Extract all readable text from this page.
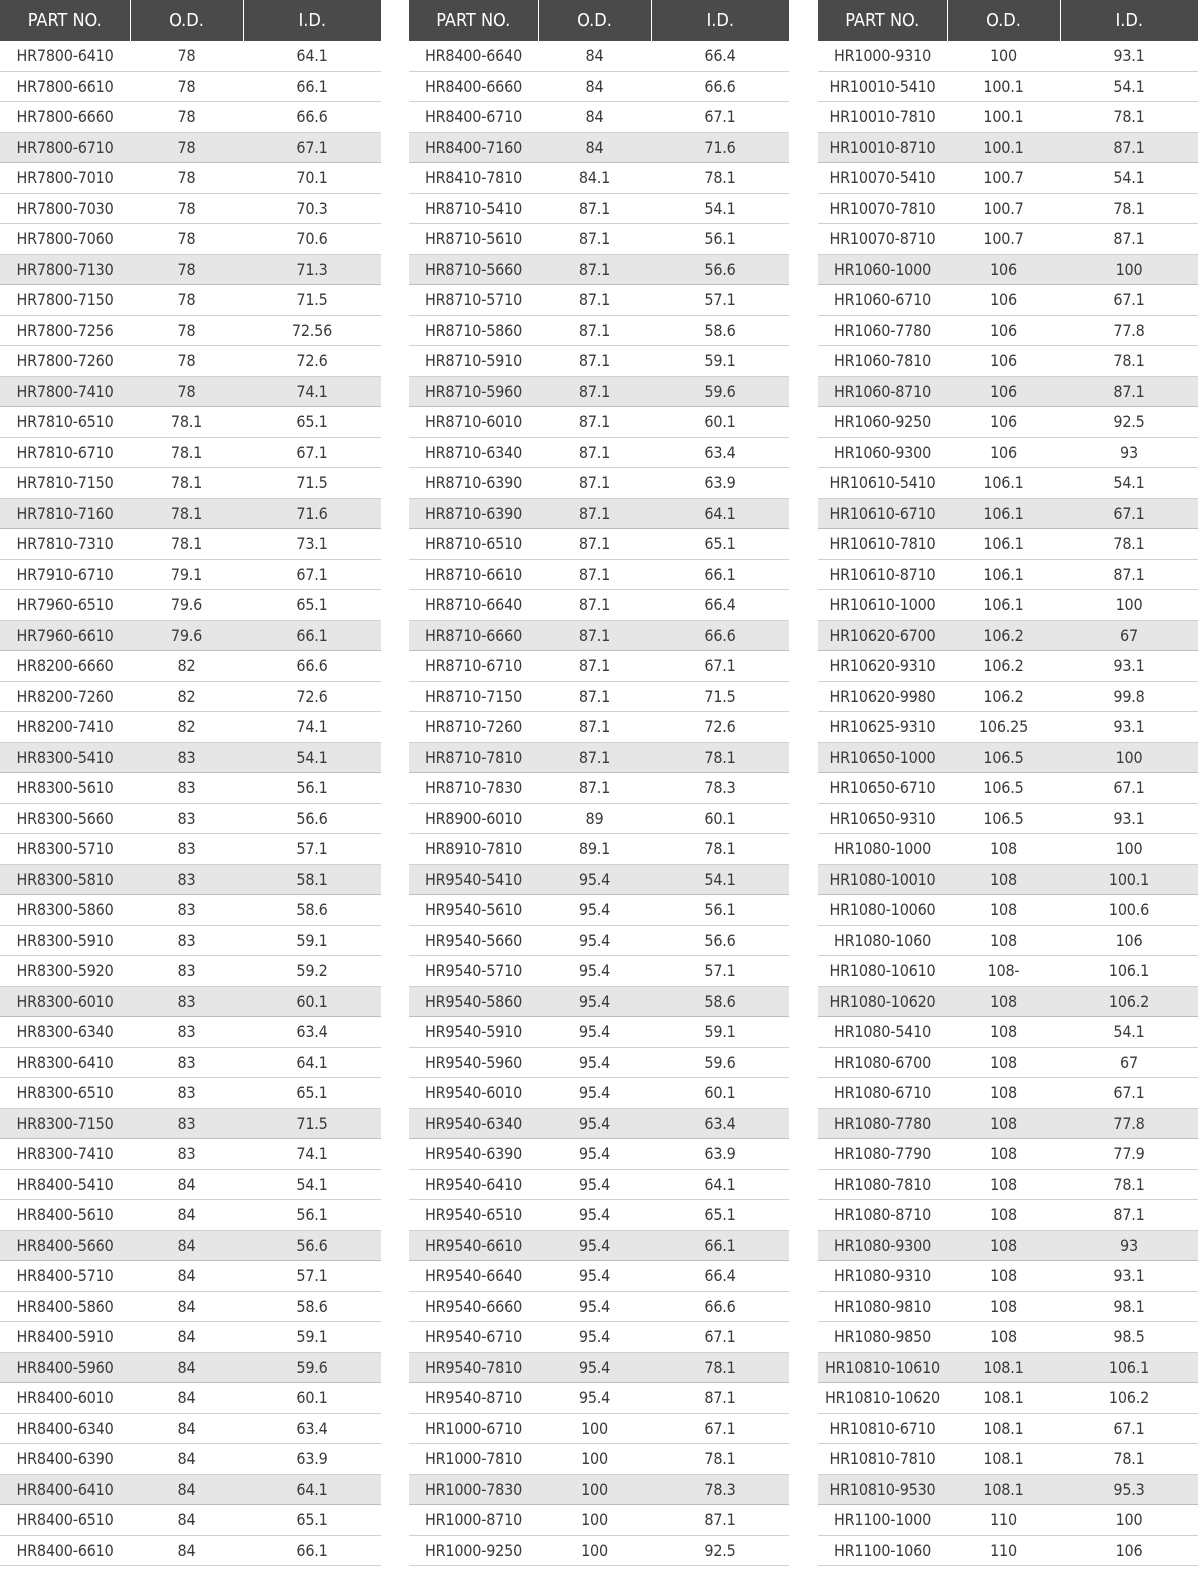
PART NO.	O.D.	I.D.
HR7800-6410	78	64.1
HR7800-6610	78	66.1
HR7800-6660	78	66.6
HR7800-6710	78	67.1
HR7800-7010	78	70.1
HR7800-7030	78	70.3
HR7800-7060	78	70.6
HR7800-7130	78	71.3
HR7800-7150	78	71.5
HR7800-7256	78	72.56
HR7800-7260	78	72.6
HR7800-7410	78	74.1
HR7810-6510	78.1	65.1
HR7810-6710	78.1	67.1
HR7810-7150	78.1	71.5
HR7810-7160	78.1	71.6
HR7810-7310	78.1	73.1
HR7910-6710	79.1	67.1
HR7960-6510	79.6	65.1
HR7960-6610	79.6	66.1
HR8200-6660	82	66.6
HR8200-7260	82	72.6
HR8200-7410	82	74.1
HR8300-5410	83	54.1
HR8300-5610	83	56.1
HR8300-5660	83	56.6
HR8300-5710	83	57.1
HR8300-5810	83	58.1
HR8300-5860	83	58.6
HR8300-5910	83	59.1
HR8300-5920	83	59.2
HR8300-6010	83	60.1
HR8300-6340	83	63.4
HR8300-6410	83	64.1
HR8300-6510	83	65.1
HR8300-7150	83	71.5
HR8300-7410	83	74.1
HR8400-5410	84	54.1
HR8400-5610	84	56.1
HR8400-5660	84	56.6
HR8400-5710	84	57.1
HR8400-5860	84	58.6
HR8400-5910	84	59.1
HR8400-5960	84	59.6
HR8400-6010	84	60.1
HR8400-6340	84	63.4
HR8400-6390	84	63.9
HR8400-6410	84	64.1
HR8400-6510	84	65.1
HR8400-6610	84	66.1
PART NO.	O.D.	I.D.
HR8400-6640	84	66.4
HR8400-6660	84	66.6
HR8400-6710	84	67.1
HR8400-7160	84	71.6
HR8410-7810	84.1	78.1
HR8710-5410	87.1	54.1
HR8710-5610	87.1	56.1
HR8710-5660	87.1	56.6
HR8710-5710	87.1	57.1
HR8710-5860	87.1	58.6
HR8710-5910	87.1	59.1
HR8710-5960	87.1	59.6
HR8710-6010	87.1	60.1
HR8710-6340	87.1	63.4
HR8710-6390	87.1	63.9
HR8710-6390	87.1	64.1
HR8710-6510	87.1	65.1
HR8710-6610	87.1	66.1
HR8710-6640	87.1	66.4
HR8710-6660	87.1	66.6
HR8710-6710	87.1	67.1
HR8710-7150	87.1	71.5
HR8710-7260	87.1	72.6
HR8710-7810	87.1	78.1
HR8710-7830	87.1	78.3
HR8900-6010	89	60.1
HR8910-7810	89.1	78.1
HR9540-5410	95.4	54.1
HR9540-5610	95.4	56.1
HR9540-5660	95.4	56.6
HR9540-5710	95.4	57.1
HR9540-5860	95.4	58.6
HR9540-5910	95.4	59.1
HR9540-5960	95.4	59.6
HR9540-6010	95.4	60.1
HR9540-6340	95.4	63.4
HR9540-6390	95.4	63.9
HR9540-6410	95.4	64.1
HR9540-6510	95.4	65.1
HR9540-6610	95.4	66.1
HR9540-6640	95.4	66.4
HR9540-6660	95.4	66.6
HR9540-6710	95.4	67.1
HR9540-7810	95.4	78.1
HR9540-8710	95.4	87.1
HR1000-6710	100	67.1
HR1000-7810	100	78.1
HR1000-7830	100	78.3
HR1000-8710	100	87.1
HR1000-9250	100	92.5
PART NO.	O.D.	I.D.
HR1000-9310	100	93.1
HR10010-5410	100.1	54.1
HR10010-7810	100.1	78.1
HR10010-8710	100.1	87.1
HR10070-5410	100.7	54.1
HR10070-7810	100.7	78.1
HR10070-8710	100.7	87.1
HR1060-1000	106	100
HR1060-6710	106	67.1
HR1060-7780	106	77.8
HR1060-7810	106	78.1
HR1060-8710	106	87.1
HR1060-9250	106	92.5
HR1060-9300	106	93
HR10610-5410	106.1	54.1
HR10610-6710	106.1	67.1
HR10610-7810	106.1	78.1
HR10610-8710	106.1	87.1
HR10610-1000	106.1	100
HR10620-6700	106.2	67
HR10620-9310	106.2	93.1
HR10620-9980	106.2	99.8
HR10625-9310	106.25	93.1
HR10650-1000	106.5	100
HR10650-6710	106.5	67.1
HR10650-9310	106.5	93.1
HR1080-1000	108	100
HR1080-10010	108	100.1
HR1080-10060	108	100.6
HR1080-1060	108	106
HR1080-10610	108-	106.1
HR1080-10620	108	106.2
HR1080-5410	108	54.1
HR1080-6700	108	67
HR1080-6710	108	67.1
HR1080-7780	108	77.8
HR1080-7790	108	77.9
HR1080-7810	108	78.1
HR1080-8710	108	87.1
HR1080-9300	108	93
HR1080-9310	108	93.1
HR1080-9810	108	98.1
HR1080-9850	108	98.5
HR10810-10610	108.1	106.1
HR10810-10620	108.1	106.2
HR10810-6710	108.1	67.1
HR10810-7810	108.1	78.1
HR10810-9530	108.1	95.3
HR1100-1000	110	100
HR1100-1060	110	106
